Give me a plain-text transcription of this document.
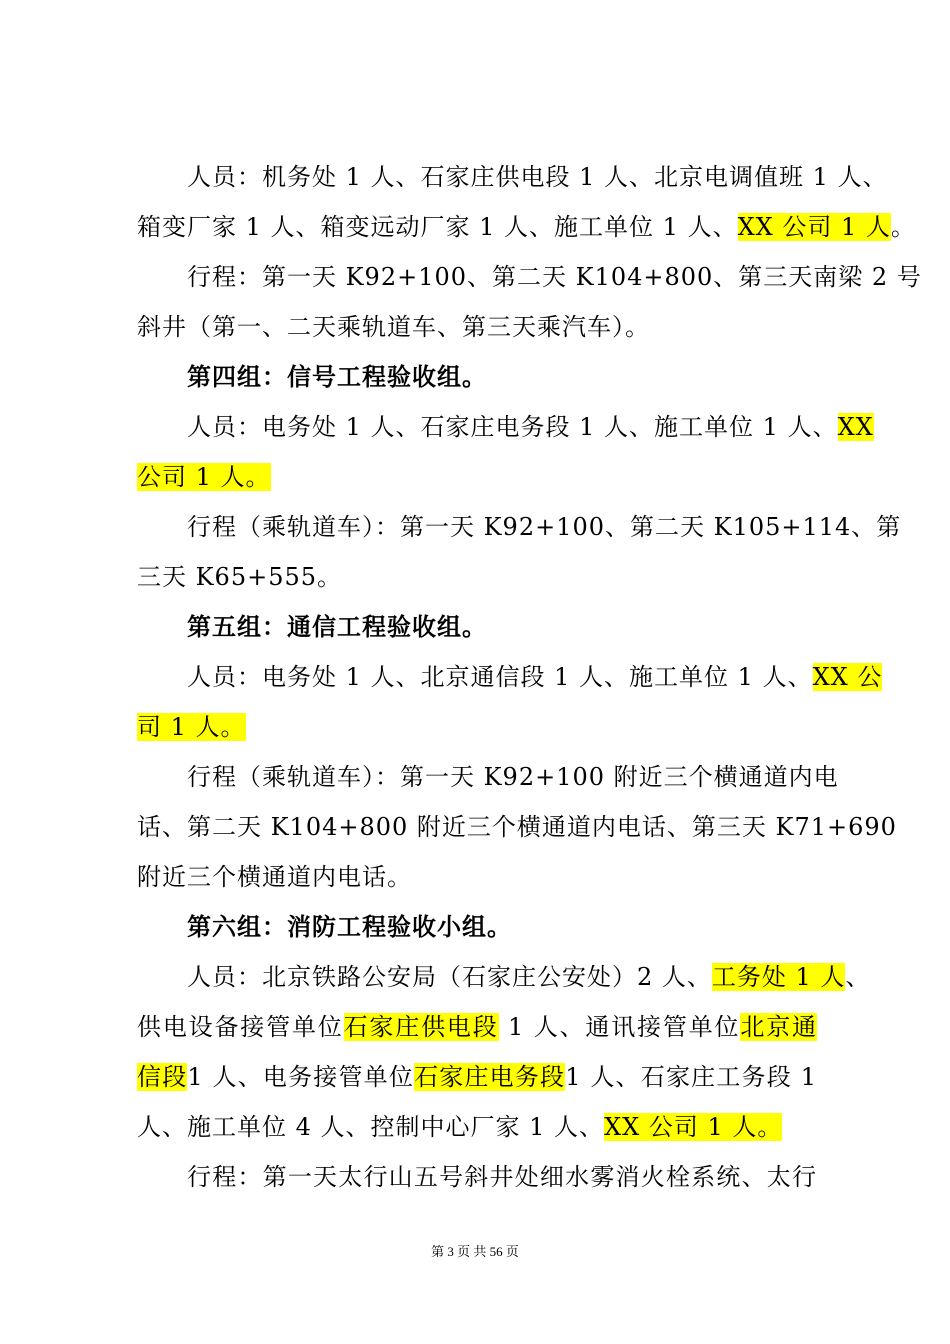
人员：机务处 1 人、石家庄供电段 1 人、北京电调值班 1 人、
箱变厂家 1 人、箱变远动厂家 1 人、施工单位 1 人、XX 公司 1 人。
行程：第一天 K92+100、第二天 K104+800、第三天南梁 2 号
斜井（第一、二天乘轨道车、第三天乘汽车）。
第四组：信号工程验收组。
人员：电务处 1 人、石家庄电务段 1 人、施工单位 1 人、XX
公司 1 人。
行程（乘轨道车）：第一天 K92+100、第二天 K105+114、第
三天 K65+555。
第五组：通信工程验收组。
人员：电务处 1 人、北京通信段 1 人、施工单位 1 人、XX 公
司 1 人。
行程（乘轨道车）：第一天 K92+100 附近三个横通道内电
话、第二天 K104+800 附近三个横通道内电话、第三天 K71+690
附近三个横通道内电话。
第六组：消防工程验收小组。
人员：北京铁路公安局（石家庄公安处）2 人、工务处 1 人、
供电设备接管单位石家庄供电段 1 人、通讯接管单位北京通
信段1 人、电务接管单位石家庄电务段1 人、石家庄工务段 1
人、施工单位 4 人、控制中心厂家 1 人、XX 公司 1 人。
行程：第一天太行山五号斜井处细水雾消火栓系统、太行
第 3 页 共 56 页
